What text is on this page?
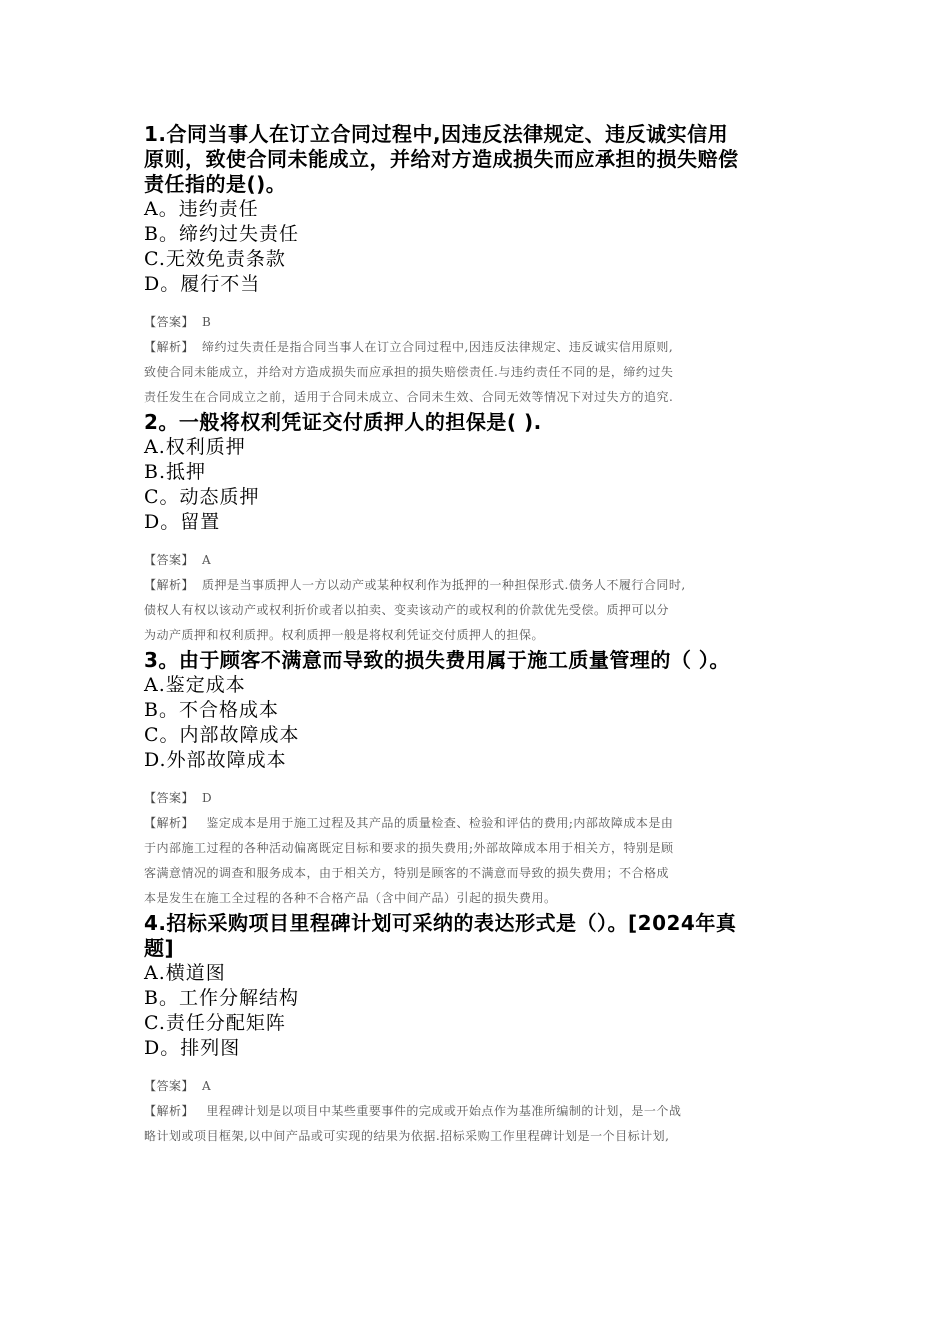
1.合同当事人在订立合同过程中,因违反法律规定、违反诚实信用

原则，致使合同未能成立，并给对方造成损失而应承担的损失赔偿

责任指的是()。

A。违约责任

B。缔约过失责任

C.无效免责条款

D。履行不当

【答案】 B

【解析】 缔约过失责任是指合同当事人在订立合同过程中,因违反法律规定、违反诚实信用原则,

致使合同未能成立，并给对方造成损失而应承担的损失赔偿责任.与违约责任不同的是，缔约过失

责任发生在合同成立之前，适用于合同未成立、合同未生效、合同无效等情况下对过失方的追究.

2。一般将权利凭证交付质押人的担保是( ).

A.权利质押

B.抵押

C。动态质押

D。留置

【答案】 A

【解析】 质押是当事质押人一方以动产或某种权利作为抵押的一种担保形式.债务人不履行合同时,

债权人有权以该动产或权利折价或者以拍卖、变卖该动产的或权利的价款优先受偿。质押可以分

为动产质押和权利质押。权利质押一般是将权利凭证交付质押人的担保。

3。由于顾客不满意而导致的损失费用属于施工质量管理的（ ）。

A.鉴定成本

B。不合格成本

C。内部故障成本

D.外部故障成本

【答案】 D

【解析】 鉴定成本是用于施工过程及其产品的质量检查、检验和评估的费用;内部故障成本是由

于内部施工过程的各种活动偏离既定目标和要求的损失费用;外部故障成本用于相关方，特别是顾

客满意情况的调查和服务成本，由于相关方，特别是顾客的不满意而导致的损失费用；不合格成

本是发生在施工全过程的各种不合格产品（含中间产品）引起的损失费用。

4.招标采购项目里程碑计划可采纳的表达形式是（）。[2024年真

题]

A.横道图

B。工作分解结构

C.责任分配矩阵

D。排列图

【答案】 A

【解析】 里程碑计划是以项目中某些重要事件的完成或开始点作为基准所编制的计划，是一个战

略计划或项目框架,以中间产品或可实现的结果为依据.招标采购工作里程碑计划是一个目标计划,
